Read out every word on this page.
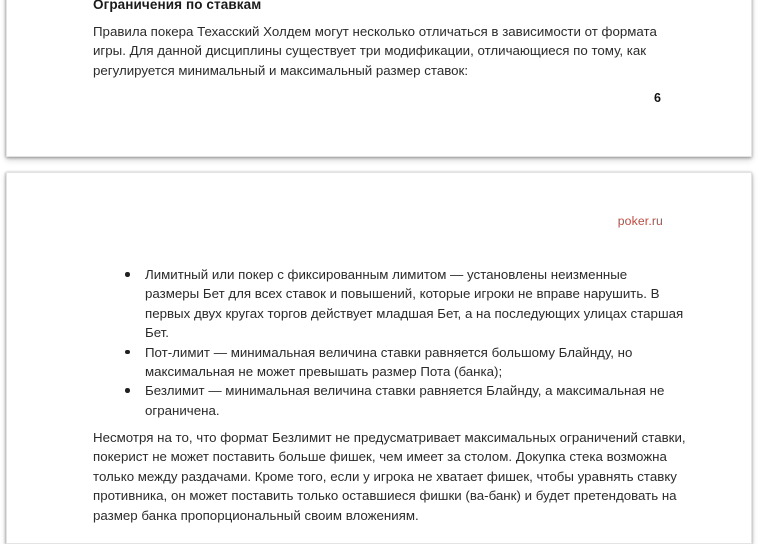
Ограничения по ставкам
Правила покера Техасский Холдем могут несколько отличаться в зависимости от формата игры. Для данной дисциплины существует три модификации, отличающиеся по тому, как регулируется минимальный и максимальный размер ставок:
6
poker.ru
Лимитный или покер с фиксированным лимитом — установлены неизменные размеры Бет для всех ставок и повышений, которые игроки не вправе нарушить. В первых двух кругах торгов действует младшая Бет, а на последующих улицах старшая Бет.
Пот-лимит — минимальная величина ставки равняется большому Блайнду, но максимальная не может превышать размер Пота (банка);
Безлимит — минимальная величина ставки равняется Блайнду, а максимальная не ограничена.
Несмотря на то, что формат Безлимит не предусматривает максимальных ограничений ставки, покерист не может поставить больше фишек, чем имеет за столом. Докупка стека возможна только между раздачами. Кроме того, если у игрока не хватает фишек, чтобы уравнять ставку противника, он может поставить только оставшиеся фишки (ва-банк) и будет претендовать на размер банка пропорциональный своим вложениям.
